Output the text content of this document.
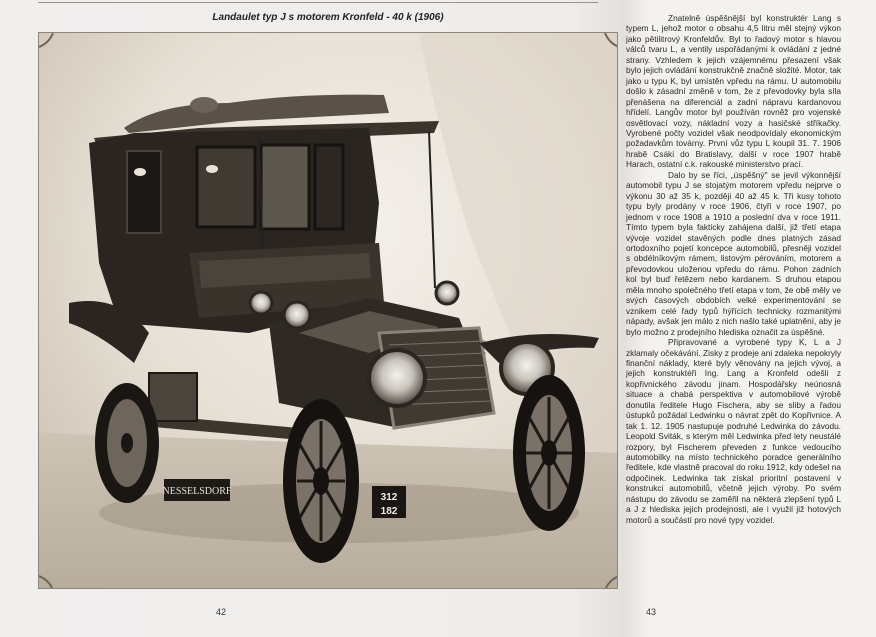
Landaulet typ J s motorem Kronfeld - 40 k (1906)
NESSELSDORF
312
182
42

Znatelně úspěšnější byl konstruktér Lang s typem L, jehož motor o obsahu 4,5 litru měl stejný výkon jako pětilitrový Kronfeldův. Byl to řadový motor s hlavou válců tvaru L, a ventily uspořádanými k ovládání z jedné strany. Vzhledem k jejich vzájemnému přesazení však bylo jejich ovládání konstrukčně značně složité. Motor, tak jako u typu K, byl umístěn vpředu na rámu. U automobilu došlo k zásadní změně v tom, že z převodovky byla síla přenášena na diferenciál a zadní nápravu kardanovou hřídelí. Langův motor byl používán rovněž pro vojenské osvětlovací vozy, nákladní vozy a hasičské stříkačky. Vyrobené počty vozidel však neodpovídaly ekonomickým požadavkům továrny. První vůz typu L koupil 31. 7. 1906 hrabě Csáki do Bratislavy, další v roce 1907 hrabě Harach, ostatní c.k. rakouské ministerstvo prací.

Dalo by se říci, „úspěšný" se jevil výkonnější automobil typu J se stojatým motorem vpředu nejprve o výkonu 30 až 35 k, později 40 až 45 k. Tři kusy tohoto typu byly prodány v roce 1906, čtyři v roce 1907, po jednom v roce 1908 a 1910 a poslední dva v roce 1911. Tímto typem byla fakticky zahájena další, již třetí etapa vývoje vozidel stavěných podle dnes platných zásad ortodoxního pojetí koncepce automobilů, přesněji vozidel s obdélníkovým rámem, listovým pérováním, motorem a převodovkou uloženou vpředu do rámu. Pohon zadních kol byl buď řetězem nebo kardanem. S druhou etapou měla mnoho společného třetí etapa v tom, že obě měly ve svých časových obdobích velké experimentování se vznikem celé řady typů hýřících technicky rozmanitými nápady, avšak jen málo z nich našlo také uplatnění, aby je bylo možno z prodejního hlediska označit za úspěšné.

Připravované a vyrobené typy K, L a J zklamaly očekávání. Zisky z prodeje ani zdaleka nepokryly finanční náklady, které byly věnovány na jejich vývoj, a jejich konstruktéři Ing. Lang a Kronfeld odešli z kopřivnického závodu jinam. Hospodářsky neúnosná situace a chabá perspektiva v automobilové výrobě donutila ředitele Hugo Fischera, aby se sliby a řadou ústupků požádal Ledwinku o návrat zpět do Kopřivnice. A tak 1. 12. 1905 nastupuje podruhé Ledwinka do závodu. Leopold Sviták, s kterým měl Ledwinka před lety neustálé rozpory, byl Fischerem převeden z funkce vedoucího automobilky na místo technického poradce generálního ředitele, kde vlastně pracoval do roku 1912, kdy odešel na odpočinek. Ledwinka tak získal prioritní postavení v konstrukci automobilů, včetně jejich výroby. Po svém nástupu do závodu se zaměřil na některá zlepšení typů L a J z hlediska jejich prodejnosti, ale i využil již hotových motorů a součástí pro nové typy vozidel.

43
